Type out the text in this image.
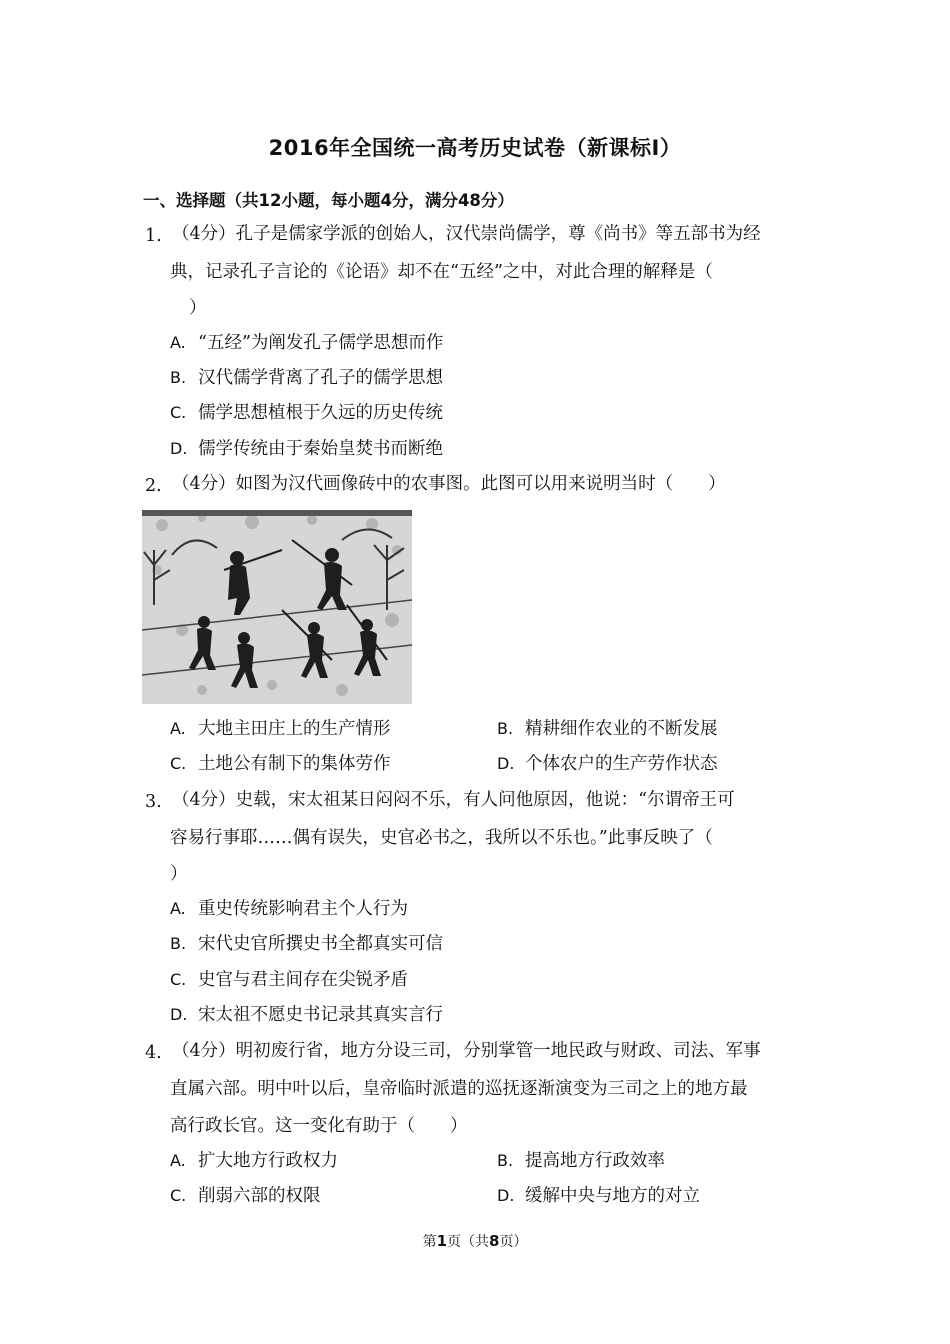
2016年全国统一高考历史试卷（新课标Ⅰ）
一、选择题（共12小题，每小题4分，满分48分）
1. （4分）孔子是儒家学派的创始人，汉代崇尚儒学，尊《尚书》等五部书为经
典，记录孔子言论的《论语》却不在“五经”之中，对此合理的解释是（
）
A. “五经”为阐发孔子儒学思想而作
B. 汉代儒学背离了孔子的儒学思想
C. 儒学思想植根于久远的历史传统
D. 儒学传统由于秦始皇焚书而断绝
2. （4分）如图为汉代画像砖中的农事图。此图可以用来说明当时（　　）
A. 大地主田庄上的生产情形	B. 精耕细作农业的不断发展
C. 土地公有制下的集体劳作	D. 个体农户的生产劳作状态
3. （4分）史载，宋太祖某日闷闷不乐，有人问他原因，他说：“尔谓帝王可
容易行事耶……偶有误失，史官必书之，我所以不乐也。”此事反映了（
）
A. 重史传统影响君主个人行为
B. 宋代史官所撰史书全都真实可信
C. 史官与君主间存在尖锐矛盾
D. 宋太祖不愿史书记录其真实言行
4. （4分）明初废行省，地方分设三司，分别掌管一地民政与财政、司法、军事
直属六部。明中叶以后，皇帝临时派遣的巡抚逐渐演变为三司之上的地方最
高行政长官。这一变化有助于（　　）
A. 扩大地方行政权力	B. 提高地方行政效率
C. 削弱六部的权限	D. 缓解中央与地方的对立
第1页（共8页）
